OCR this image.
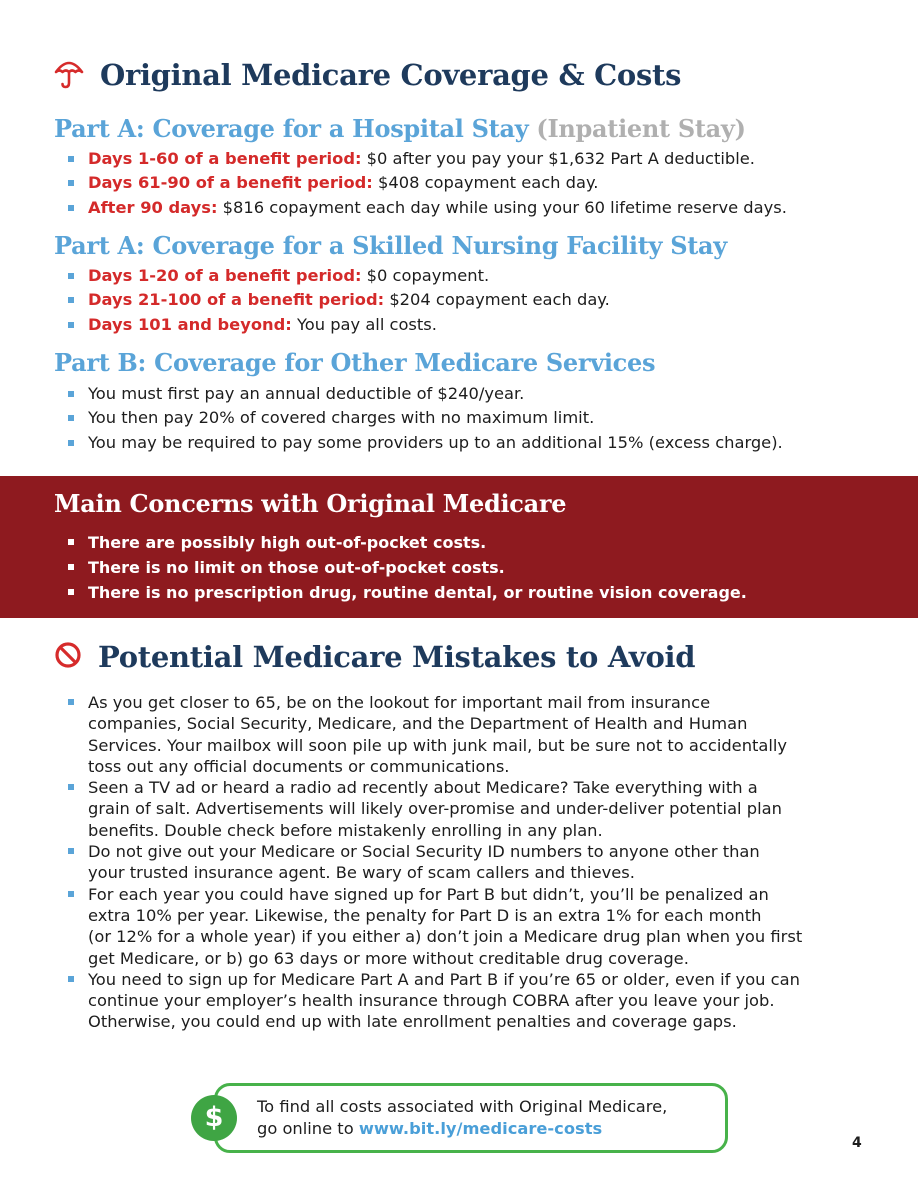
Original Medicare Coverage & Costs
Part A: Coverage for a Hospital Stay (Inpatient Stay)
Days 1-60 of a benefit period: $0 after you pay your $1,632 Part A deductible.
Days 61-90 of a benefit period: $408 copayment each day.
After 90 days: $816 copayment each day while using your 60 lifetime reserve days.
Part A: Coverage for a Skilled Nursing Facility Stay
Days 1-20 of a benefit period: $0 copayment.
Days 21-100 of a benefit period: $204 copayment each day.
Days 101 and beyond: You pay all costs.
Part B: Coverage for Other Medicare Services
You must first pay an annual deductible of $240/year.
You then pay 20% of covered charges with no maximum limit.
You may be required to pay some providers up to an additional 15% (excess charge).
Main Concerns with Original Medicare
There are possibly high out-of-pocket costs.
There is no limit on those out-of-pocket costs.
There is no prescription drug, routine dental, or routine vision coverage.
Potential Medicare Mistakes to Avoid
As you get closer to 65, be on the lookout for important mail from insurance
companies, Social Security, Medicare, and the Department of Health and Human
Services. Your mailbox will soon pile up with junk mail, but be sure not to accidentally
toss out any official documents or communications.
Seen a TV ad or heard a radio ad recently about Medicare? Take everything with a
grain of salt. Advertisements will likely over-promise and under-deliver potential plan
benefits. Double check before mistakenly enrolling in any plan.
Do not give out your Medicare or Social Security ID numbers to anyone other than
your trusted insurance agent. Be wary of scam callers and thieves.
For each year you could have signed up for Part B but didn’t, you’ll be penalized an
extra 10% per year. Likewise, the penalty for Part D is an extra 1% for each month
(or 12% for a whole year) if you either a) don’t join a Medicare drug plan when you first
get Medicare, or b) go 63 days or more without creditable drug coverage.
You need to sign up for Medicare Part A and Part B if you’re 65 or older, even if you can
continue your employer’s health insurance through COBRA after you leave your job.
Otherwise, you could end up with late enrollment penalties and coverage gaps.
$	To find all costs associated with Original Medicare,
go online to www.bit.ly/medicare-costs
4
